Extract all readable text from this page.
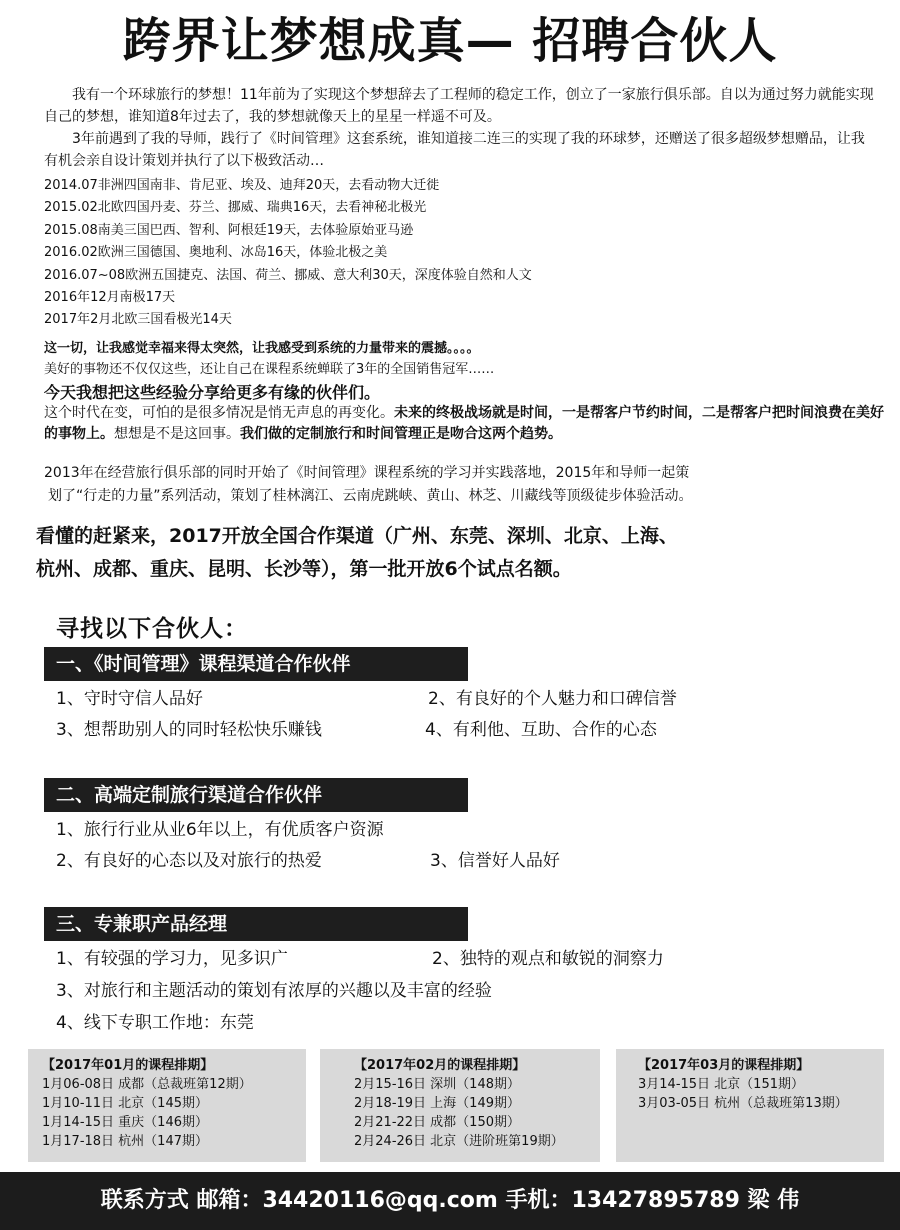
跨界让梦想成真— 招聘合伙人

我有一个环球旅行的梦想！11年前为了实现这个梦想辞去了工程师的稳定工作，创立了一家旅行俱乐部。自以为通过努力就能实现自己的梦想，谁知道8年过去了，我的梦想就像天上的星星一样遥不可及。

3年前遇到了我的导师，践行了《时间管理》这套系统，谁知道接二连三的实现了我的环球梦，还赠送了很多超级梦想赠品，让我有机会亲自设计策划并执行了以下极致活动…

2014.07非洲四国南非、肯尼亚、埃及、迪拜20天，去看动物大迁徙
2015.02北欧四国丹麦、芬兰、挪威、瑞典16天，去看神秘北极光
2015.08南美三国巴西、智利、阿根廷19天，去体验原始亚马逊
2016.02欧洲三国德国、奥地利、冰岛16天，体验北极之美
2016.07~08欧洲五国捷克、法国、荷兰、挪威、意大利30天，深度体验自然和人文
2016年12月南极17天
2017年2月北欧三国看极光14天

这一切，让我感觉幸福来得太突然，让我感受到系统的力量带来的震撼。。。。

美好的事物还不仅仅这些，还让自己在课程系统蝉联了3年的全国销售冠军……

今天我想把这些经验分享给更多有缘的伙伴们。

这个时代在变，可怕的是很多情况是悄无声息的再变化。未来的终极战场就是时间，一是帮客户节约时间，二是帮客户把时间浪费在美好的事物上。想想是不是这回事。我们做的定制旅行和时间管理正是吻合这两个趋势。

2013年在经营旅行俱乐部的同时开始了《时间管理》课程系统的学习并实践落地，2015年和导师一起策

划了“行走的力量”系列活动，策划了桂林漓江、云南虎跳峡、黄山、林芝、川藏线等顶级徒步体验活动。

看懂的赶紧来，2017开放全国合作渠道（广州、东莞、深圳、北京、上海、
杭州、成都、重庆、昆明、长沙等），第一批开放6个试点名额。
寻找以下合伙人：
一、《时间管理》课程渠道合作伙伴
1、守时守信人品好	2、有良好的个人魅力和口碑信誉
3、想帮助别人的同时轻松快乐赚钱	4、有利他、互助、合作的心态
二、高端定制旅行渠道合作伙伴
1、旅行行业从业6年以上，有优质客户资源
2、有良好的心态以及对旅行的热爱	3、信誉好人品好
三、专兼职产品经理
1、有较强的学习力，见多识广	2、独特的观点和敏锐的洞察力
3、对旅行和主题活动的策划有浓厚的兴趣以及丰富的经验
4、线下专职工作地：东莞
【2017年01月的课程排期】
1月06-08日 成都（总裁班第12期）
1月10-11日 北京（145期）
1月14-15日 重庆（146期）
1月17-18日 杭州（147期）
【2017年02月的课程排期】
2月15-16日 深圳（148期）
2月18-19日 上海（149期）
2月21-22日 成都（150期）
2月24-26日 北京（进阶班第19期）
【2017年03月的课程排期】
3月14-15日 北京（151期）
3月03-05日 杭州（总裁班第13期）
联系方式 邮箱：34420116@qq.com 手机：13427895789 梁 伟
